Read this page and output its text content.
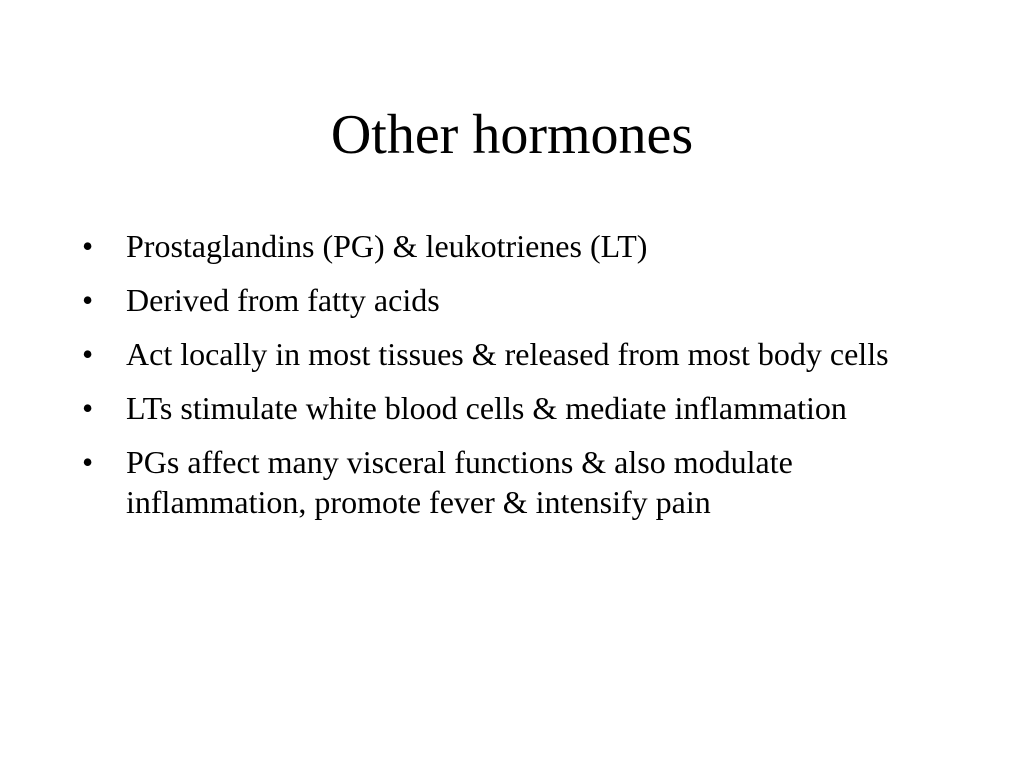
Other hormones
•	Prostaglandins (PG) & leukotrienes (LT)
•	Derived from fatty acids
•	Act locally in most tissues & released from most body cells
•	LTs stimulate white blood cells & mediate inflammation
•	PGs affect many visceral functions & also modulate inflammation, promote fever & intensify pain
